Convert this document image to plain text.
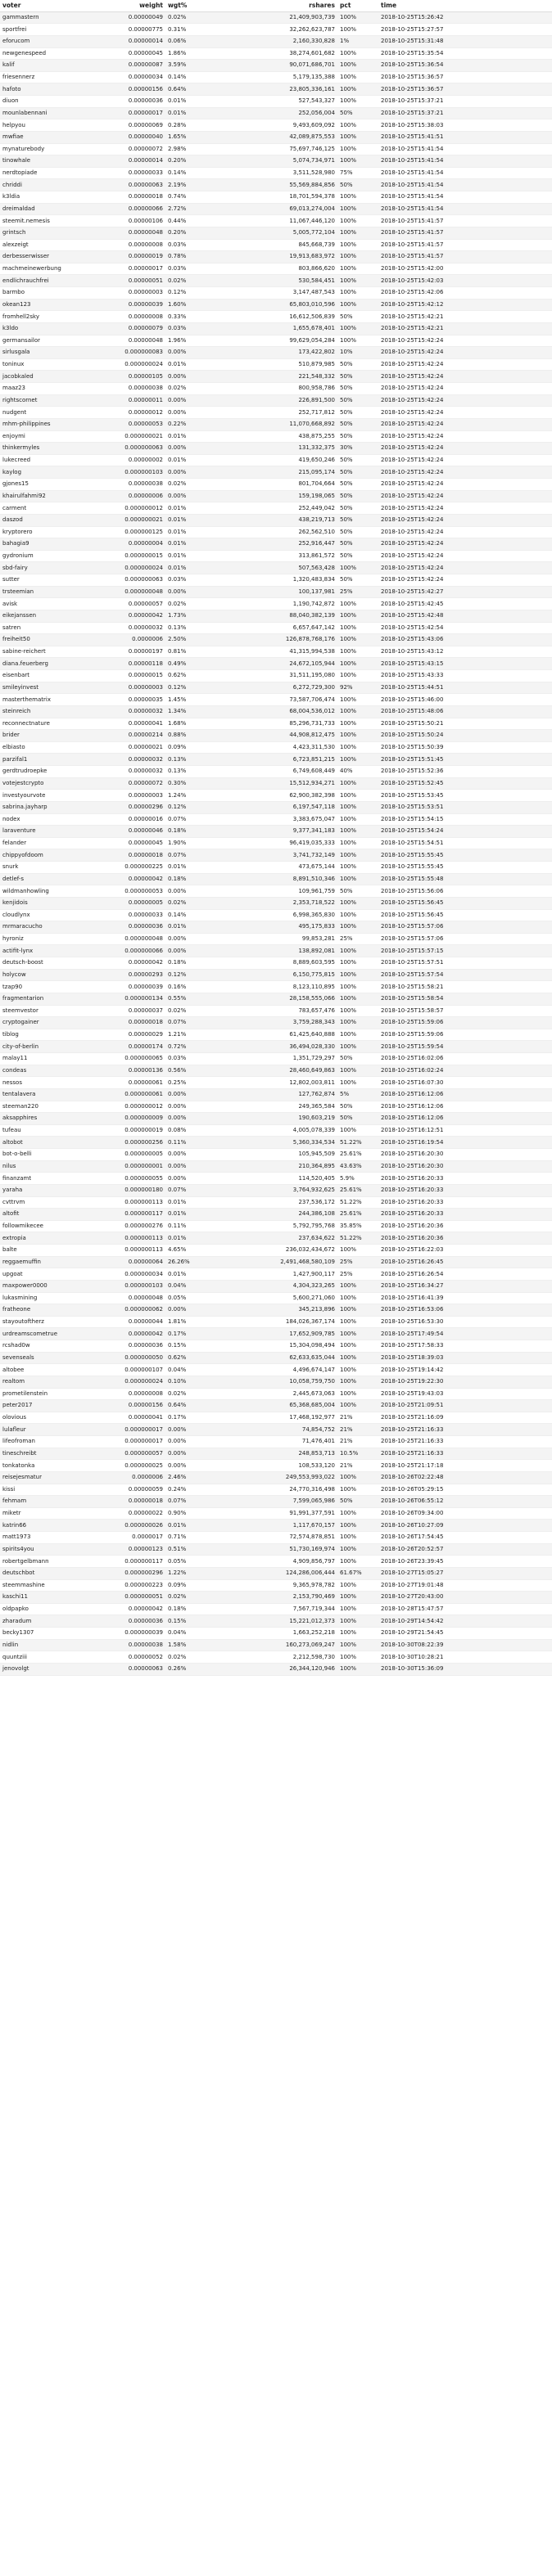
voter	weight	wgt%	rshares	pct	time
gammastern	0.00000049	0.02%	21,409,903,739	100%	2018-10-25T15:26:42
sportfrei	0.00000775	0.31%	32,262,623,787	100%	2018-10-25T15:27:57
eforucom	0.00000014	0.06%	2,160,330,828	1%	2018-10-25T15:31:48
newgenespeed	0.00000045	1.86%	38,274,601,682	100%	2018-10-25T15:35:54
kalif	0.00000087	3.59%	90,071,686,701	100%	2018-10-25T15:36:54
friesennerz	0.00000034	0.14%	5,179,135,388	100%	2018-10-25T15:36:57
hafoto	0.00000156	0.64%	23,805,336,161	100%	2018-10-25T15:36:57
diuon	0.00000036	0.01%	527,543,327	100%	2018-10-25T15:37:21
mounlabennani	0.00000017	0.01%	252,056,004	50%	2018-10-25T15:37:21
helpyou	0.00000069	0.28%	9,493,609,092	100%	2018-10-25T15:38:03
mwfiae	0.00000040	1.65%	42,089,875,553	100%	2018-10-25T15:41:51
mynaturebody	0.00000072	2.98%	75,697,746,125	100%	2018-10-25T15:41:54
tinowhale	0.00000014	0.20%	5,074,734,971	100%	2018-10-25T15:41:54
nerdtopiade	0.00000033	0.14%	3,511,528,980	75%	2018-10-25T15:41:54
chriddi	0.00000063	2.19%	55,569,884,856	50%	2018-10-25T15:41:54
k3ldia	0.00000018	0.74%	18,701,594,378	100%	2018-10-25T15:41:54
dreimaldad	0.00000066	2.72%	69,013,274,004	100%	2018-10-25T15:41:54
steemit.nemesis	0.00000106	0.44%	11,067,446,120	100%	2018-10-25T15:41:57
grintsch	0.00000048	0.20%	5,005,772,104	100%	2018-10-25T15:41:57
alexzeigt	0.00000008	0.03%	845,668,739	100%	2018-10-25T15:41:57
derbesserwisser	0.00000019	0.78%	19,913,683,972	100%	2018-10-25T15:41:57
machmeinewerbung	0.00000017	0.03%	803,866,620	100%	2018-10-25T15:42:00
endlichrauchfrei	0.00000051	0.02%	530,584,451	100%	2018-10-25T15:42:03
barmbo	0.00000003	0.12%	3,147,487,543	100%	2018-10-25T15:42:06
okean123	0.00000039	1.60%	65,803,010,596	100%	2018-10-25T15:42:12
fromhell2sky	0.00000008	0.33%	16,612,506,839	50%	2018-10-25T15:42:21
k3ldo	0.00000079	0.03%	1,655,678,401	100%	2018-10-25T15:42:21
germansailor	0.00000048	1.96%	99,629,054,284	100%	2018-10-25T15:42:24
sirlusgala	0.000000083	0.00%	173,422,802	10%	2018-10-25T15:42:24
toninux	0.000000024	0.01%	510,879,985	50%	2018-10-25T15:42:24
jacobkaled	0.00000105	0.00%	221,548,332	50%	2018-10-25T15:42:24
maaz23	0.00000038	0.02%	800,958,786	50%	2018-10-25T15:42:24
rightscornet	0.00000011	0.00%	226,891,500	50%	2018-10-25T15:42:24
nudgent	0.00000012	0.00%	252,717,812	50%	2018-10-25T15:42:24
mhm-philippines	0.00000053	0.22%	11,070,668,892	50%	2018-10-25T15:42:24
enjoymi	0.000000021	0.01%	438,875,255	50%	2018-10-25T15:42:24
thinkermyles	0.000000063	0.00%	131,332,375	30%	2018-10-25T15:42:24
lukecreed	0.00000002	0.01%	419,650,246	50%	2018-10-25T15:42:24
kaylog	0.000000103	0.00%	215,095,174	50%	2018-10-25T15:42:24
gjones15	0.00000038	0.02%	801,704,664	50%	2018-10-25T15:42:24
khairulfahmi92	0.00000006	0.00%	159,198,065	50%	2018-10-25T15:42:24
carment	0.000000012	0.01%	252,449,042	50%	2018-10-25T15:42:24
daszod	0.000000021	0.01%	438,219,713	50%	2018-10-25T15:42:24
kryptorero	0.000000125	0.01%	262,562,510	50%	2018-10-25T15:42:24
bahagia9	0.00000004	0.01%	252,916,447	50%	2018-10-25T15:42:24
gydronium	0.000000015	0.01%	313,861,572	50%	2018-10-25T15:42:24
sbd-fairy	0.000000024	0.01%	507,563,428	100%	2018-10-25T15:42:24
sutter	0.000000063	0.03%	1,320,483,834	50%	2018-10-25T15:42:24
trsteemian	0.000000048	0.00%	100,137,981	25%	2018-10-25T15:42:27
avisk	0.00000057	0.02%	1,190,742,872	100%	2018-10-25T15:42:45
eikejanssen	0.00000042	1.73%	88,040,382,139	100%	2018-10-25T15:42:48
satren	0.00000032	0.13%	6,657,647,142	100%	2018-10-25T15:42:54
freiheit50	0.0000006	2.50%	126,878,768,176	100%	2018-10-25T15:43:06
sabine-reichert	0.00000197	0.81%	41,315,994,538	100%	2018-10-25T15:43:12
diana.feuerberg	0.00000118	0.49%	24,672,105,944	100%	2018-10-25T15:43:15
eisenbart	0.00000015	0.62%	31,511,195,080	100%	2018-10-25T15:43:33
smileyinvest	0.00000003	0.12%	6,272,729,300	92%	2018-10-25T15:44:51
masterthematrix	0.00000035	1.45%	73,587,706,474	100%	2018-10-25T15:46:00
steinreich	0.00000032	1.34%	68,004,536,012	100%	2018-10-25T15:48:06
reconnectnature	0.00000041	1.68%	85,296,731,733	100%	2018-10-25T15:50:21
brider	0.00000214	0.88%	44,908,812,475	100%	2018-10-25T15:50:24
elbiasto	0.00000021	0.09%	4,423,311,530	100%	2018-10-25T15:50:39
parzifal1	0.00000032	0.13%	6,723,851,215	100%	2018-10-25T15:51:45
gerdtrudroepke	0.00000032	0.13%	6,749,608,449	40%	2018-10-25T15:52:36
votejestcrypto	0.00000072	0.30%	15,512,934,271	100%	2018-10-25T15:52:45
investyourvote	0.00000003	1.24%	62,900,382,398	100%	2018-10-25T15:53:45
sabrina.jayharp	0.00000296	0.12%	6,197,547,118	100%	2018-10-25T15:53:51
nodex	0.00000016	0.07%	3,383,675,047	100%	2018-10-25T15:54:15
laraventure	0.00000046	0.18%	9,377,341,183	100%	2018-10-25T15:54:24
felander	0.00000045	1.90%	96,419,035,333	100%	2018-10-25T15:54:51
chippyofdoom	0.00000018	0.07%	3,741,732,149	100%	2018-10-25T15:55:45
snurk	0.000000225	0.01%	473,675,144	100%	2018-10-25T15:55:45
detlef-s	0.00000042	0.18%	8,891,510,346	100%	2018-10-25T15:55:48
wildmanhowling	0.000000053	0.00%	109,961,759	50%	2018-10-25T15:56:06
kenjidois	0.00000005	0.02%	2,353,718,522	100%	2018-10-25T15:56:45
cloudlynx	0.00000033	0.14%	6,998,365,830	100%	2018-10-25T15:56:45
mrmaracucho	0.00000036	0.01%	495,175,833	100%	2018-10-25T15:57:06
hyroniz	0.000000048	0.00%	99,853,281	25%	2018-10-25T15:57:06
actifit-lynx	0.000000066	0.00%	138,892,081	100%	2018-10-25T15:57:15
deutsch-boost	0.00000042	0.18%	8,889,603,595	100%	2018-10-25T15:57:51
holycow	0.00000293	0.12%	6,150,775,815	100%	2018-10-25T15:57:54
tzap90	0.00000039	0.16%	8,123,110,895	100%	2018-10-25T15:58:21
fragmentarion	0.000000134	0.55%	28,158,555,066	100%	2018-10-25T15:58:54
steemvestor	0.00000037	0.02%	783,657,476	100%	2018-10-25T15:58:57
cryptogainer	0.00000018	0.07%	3,759,288,343	100%	2018-10-25T15:59:06
tiblog	0.00000029	1.21%	61,425,640,888	100%	2018-10-25T15:59:06
city-of-berlin	0.00000174	0.72%	36,494,028,330	100%	2018-10-25T15:59:54
malay11	0.000000065	0.03%	1,351,729,297	50%	2018-10-25T16:02:06
condeas	0.00000136	0.56%	28,460,649,863	100%	2018-10-25T16:02:24
nessos	0.00000061	0.25%	12,802,003,811	100%	2018-10-25T16:07:30
tentalavera	0.000000061	0.00%	127,762,874	5%	2018-10-25T16:12:06
steeman220	0.000000012	0.00%	249,365,584	50%	2018-10-25T16:12:06
aksapphires	0.000000009	0.00%	190,603,219	50%	2018-10-25T16:12:06
tufeau	0.000000019	0.08%	4,005,078,339	100%	2018-10-25T16:12:51
altobot	0.000000256	0.11%	5,360,334,534	51.22%	2018-10-25T16:19:54
bot-o-belli	0.000000005	0.00%	105,945,509	25.61%	2018-10-25T16:20:30
nilus	0.000000001	0.00%	210,364,895	43.63%	2018-10-25T16:20:30
finanzamt	0.000000055	0.00%	114,520,405	5.9%	2018-10-25T16:20:33
yaraha	0.000000180	0.07%	3,764,932,625	25.61%	2018-10-25T16:20:33
cvttrvm	0.000000113	0.01%	237,536,172	51.22%	2018-10-25T16:20:33
altofit	0.000000117	0.01%	244,386,108	25.61%	2018-10-25T16:20:33
followmikecee	0.000000276	0.11%	5,792,795,768	35.85%	2018-10-25T16:20:36
extropia	0.000000113	0.01%	237,634,622	51.22%	2018-10-25T16:20:36
balte	0.000000113	4.65%	236,032,434,672	100%	2018-10-25T16:22:03
reggaemuffin	0.00000064	26.26%	2,491,468,580,109	25%	2018-10-25T16:26:45
upgoat	0.000000034	0.01%	1,427,900,117	25%	2018-10-25T16:26:54
maxpower0000	0.000000103	0.04%	4,304,323,265	100%	2018-10-25T16:34:27
lukasmining	0.00000048	0.05%	5,600,271,060	100%	2018-10-25T16:41:39
fratheone	0.000000062	0.00%	345,213,896	100%	2018-10-25T16:53:06
stayoutoftherz	0.00000044	1.81%	184,026,367,174	100%	2018-10-25T16:53:30
urdreamscometrue	0.00000042	0.17%	17,652,909,785	100%	2018-10-25T17:49:54
rcshad0w	0.00000036	0.15%	15,304,098,494	100%	2018-10-25T17:58:33
sevenseals	0.000000050	0.62%	62,633,635,044	100%	2018-10-25T18:39:03
altobee	0.000000107	0.04%	4,496,674,147	100%	2018-10-25T19:14:42
realtom	0.000000024	0.10%	10,058,759,750	100%	2018-10-25T19:22:30
prometilenstein	0.00000008	0.02%	2,445,673,063	100%	2018-10-25T19:43:03
peter2017	0.00000156	0.64%	65,368,685,004	100%	2018-10-25T21:09:51
olovious	0.00000041	0.17%	17,468,192,977	21%	2018-10-25T21:16:09
lulafleur	0.000000017	0.00%	74,854,752	21%	2018-10-25T21:16:33
lifeofroman	0.000000017	0.00%	71,476,401	21%	2018-10-25T21:16:33
tineschreibt	0.000000057	0.00%	248,853,713	10.5%	2018-10-25T21:16:33
tonkatonka	0.000000025	0.00%	108,533,120	21%	2018-10-25T21:17:18
reisejesmatur	0.0000006	2.46%	249,553,993,022	100%	2018-10-26T02:22:48
kissi	0.00000059	0.24%	24,770,316,498	100%	2018-10-26T05:29:15
fehmam	0.00000018	0.07%	7,599,065,986	50%	2018-10-26T06:55:12
miketr	0.00000022	0.90%	91,991,377,591	100%	2018-10-26T09:34:00
katrin66	0.000000026	0.01%	1,117,670,157	100%	2018-10-26T10:27:09
matt1973	0.0000017	0.71%	72,574,878,851	100%	2018-10-26T17:54:45
spirits4you	0.00000123	0.51%	51,730,169,974	100%	2018-10-26T20:52:57
robertgelbmann	0.000000117	0.05%	4,909,856,797	100%	2018-10-26T23:39:45
deutschbot	0.000000296	1.22%	124,286,006,444	61.67%	2018-10-27T15:05:27
steemmashine	0.000000223	0.09%	9,365,978,782	100%	2018-10-27T19:01:48
kaschi11	0.000000051	0.02%	2,153,790,469	100%	2018-10-27T20:43:00
oldpapko	0.00000042	0.18%	7,567,719,344	100%	2018-10-28T15:47:57
zharadum	0.00000036	0.15%	15,221,012,373	100%	2018-10-29T14:54:42
becky1307	0.000000039	0.04%	1,663,252,218	100%	2018-10-29T21:54:45
nidlin	0.00000038	1.58%	160,273,069,247	100%	2018-10-30T08:22:39
quuntziii	0.00000052	0.02%	2,212,598,730	100%	2018-10-30T10:28:21
jenovolgt	0.00000063	0.26%	26,344,120,946	100%	2018-10-30T15:36:09
